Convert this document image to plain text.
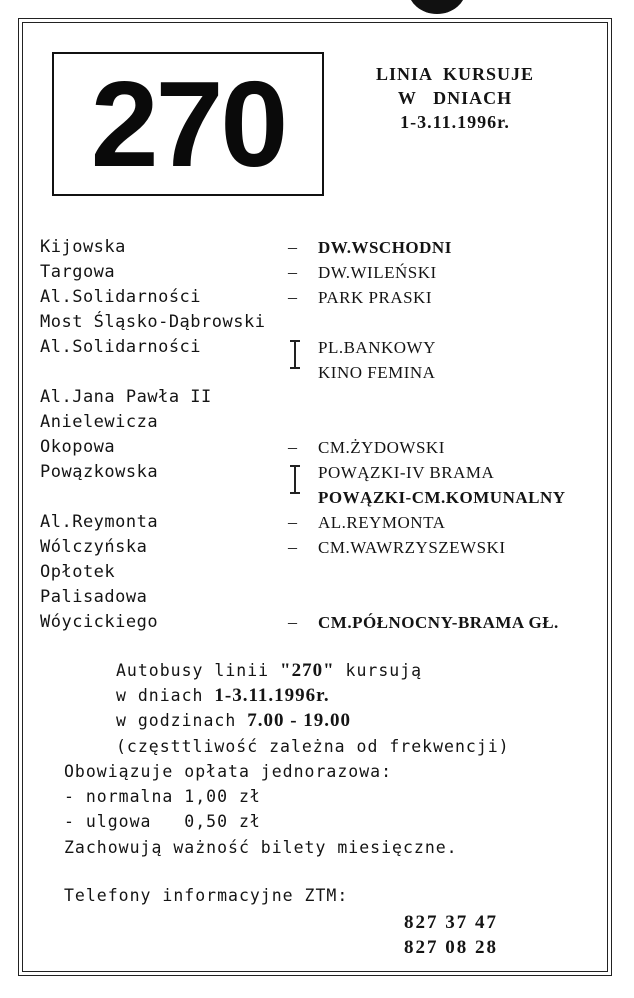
270	LINIA  KURSUJE
W   DNIACH
1-3.11.1996r.
Kijowska	– DW.WSCHODNI
Targowa	– DW.WILEŃSKI
Al.Solidarności	– PARK PRASKI
Most Śląsko-Dąbrowski
Al.Solidarności	PL.BANKOWY
KINO FEMINA
Al.Jana Pawła II
Anielewicza
Okopowa	– CM.ŻYDOWSKI
Powązkowska	POWĄZKI-IV BRAMA
POWĄZKI-CM.KOMUNALNY
Al.Reymonta	– AL.REYMONTA
Wólczyńska	– CM.WAWRZYSZEWSKI
Opłotek
Palisadowa
Wóycickiego	– CM.PÓŁNOCNY-BRAMA GŁ.
Autobusy linii "270" kursują
w dniach 1-3.11.1996r.
w godzinach 7.00 - 19.00
(częsttliwość zależna od frekwencji)
Obowiązuje opłata jednorazowa:
- normalna 1,00 zł
- ulgowa   0,50 zł
Zachowują ważność bilety miesięczne.
Telefony informacyjne ZTM:
827 37 47
827 08 28
